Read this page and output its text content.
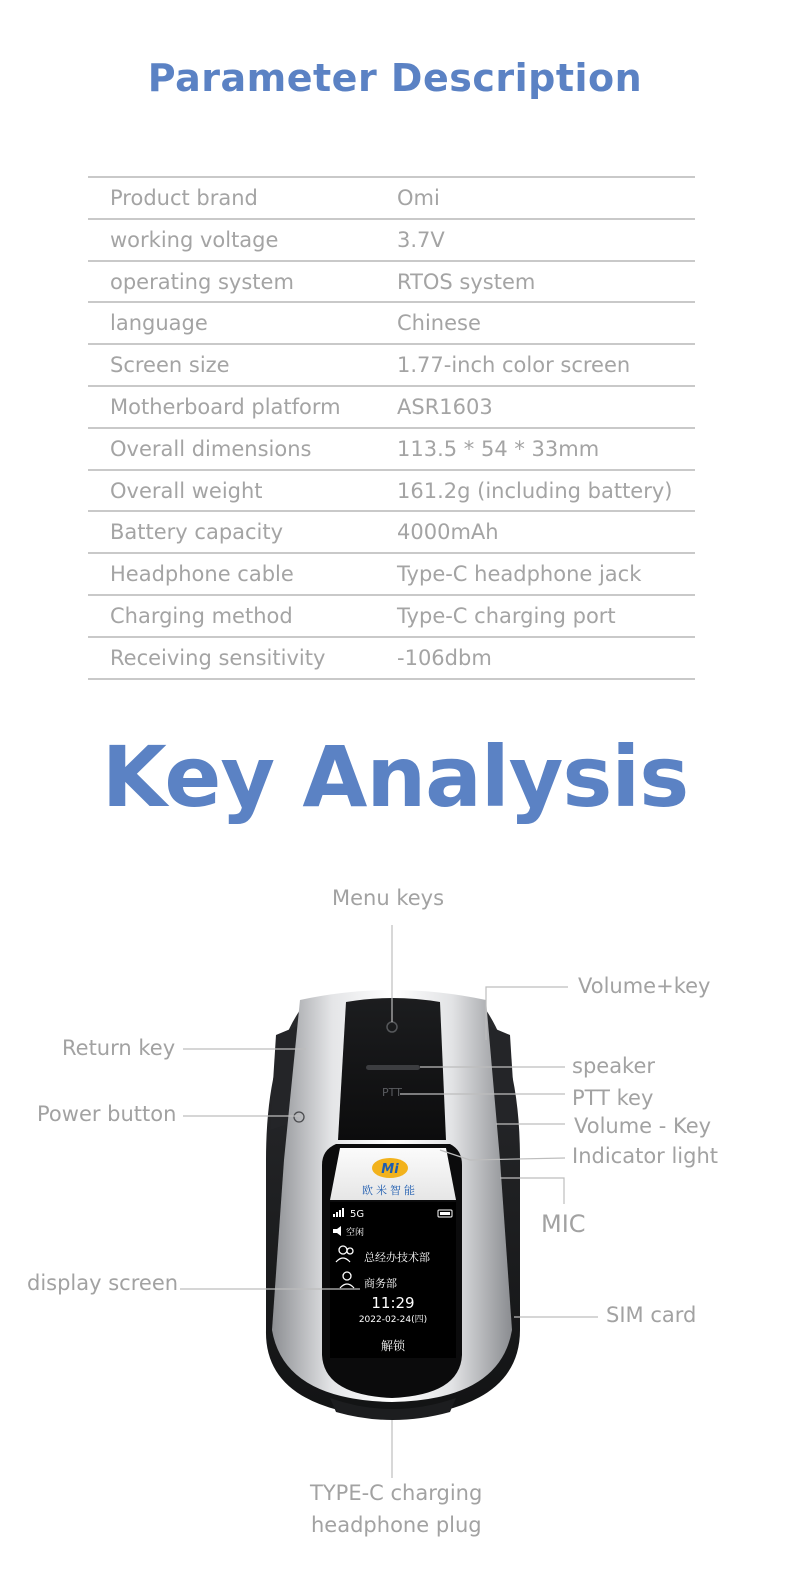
Parameter Description
Product brand	Omi
working voltage	3.7V
operating system	RTOS system
language	Chinese
Screen size	1.77-inch color screen
Motherboard platform	ASR1603
Overall dimensions	113.5 * 54 * 33mm
Overall weight	161.2g (including battery)
Battery capacity	4000mAh
Headphone cable	Type-C headphone jack
Charging method	Type-C charging port
Receiving sensitivity	-106dbm
Key Analysis
PTT
Mi
欧米智能
5G
空闲
总经办技术部
商务部
11:29
2022-02-24(四)
解锁
Menu keys
Volume+key
Return key
speaker
Power button
PTT key
Volume - Key
Indicator light
MIC
display screen
SIM card
TYPE-C charging
headphone plug
